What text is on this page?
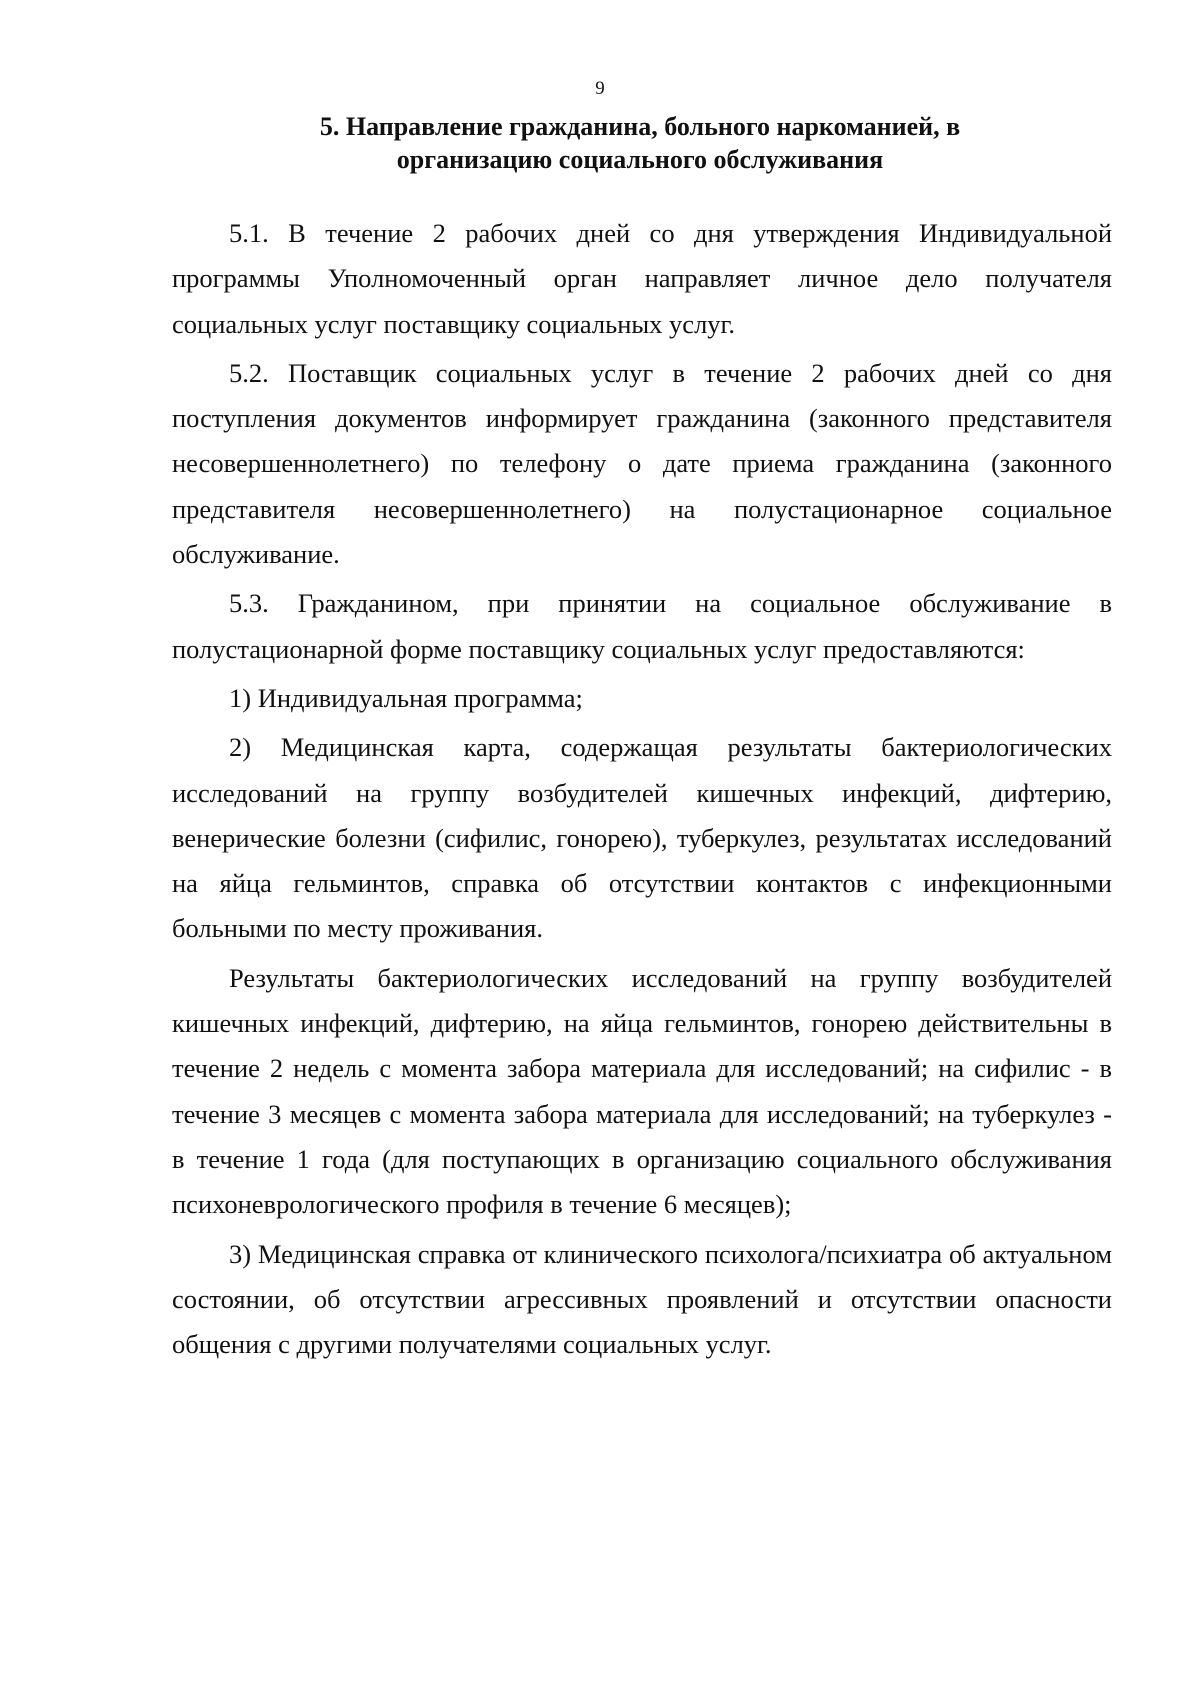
9
5. Направление гражданина, больного наркоманией, в
организацию социального обслуживания

5.1. В течение 2 рабочих дней со дня утверждения Индивидуальной программы Уполномоченный орган направляет личное дело получателя социальных услуг поставщику социальных услуг.

5.2. Поставщик социальных услуг в течение 2 рабочих дней со дня поступления документов информирует гражданина (законного представителя несовершеннолетнего) по телефону о дате приема гражданина (законного представителя несовершеннолетнего) на полустационарное социальное обслуживание.

5.3. Гражданином, при принятии на социальное обслуживание в полустационарной форме поставщику социальных услуг предоставляются:

1) Индивидуальная программа;

2) Медицинская карта, содержащая результаты бактериологических исследований на группу возбудителей кишечных инфекций, дифтерию, венерические болезни (сифилис, гонорею), туберкулез, результатах исследований на яйца гельминтов, справка об отсутствии контактов с инфекционными больными по месту проживания.

Результаты бактериологических исследований на группу возбудителей кишечных инфекций, дифтерию, на яйца гельминтов, гонорею действительны в течение 2 недель с момента забора материала для исследований; на сифилис - в течение 3 месяцев с момента забора материала для исследований; на туберкулез - в течение 1 года (для поступающих в организацию социального обслуживания психоневрологического профиля в течение 6 месяцев);

3) Медицинская справка от клинического психолога/психиатра об актуальном состоянии, об отсутствии агрессивных проявлений и отсутствии опасности общения с другими получателями социальных услуг.
